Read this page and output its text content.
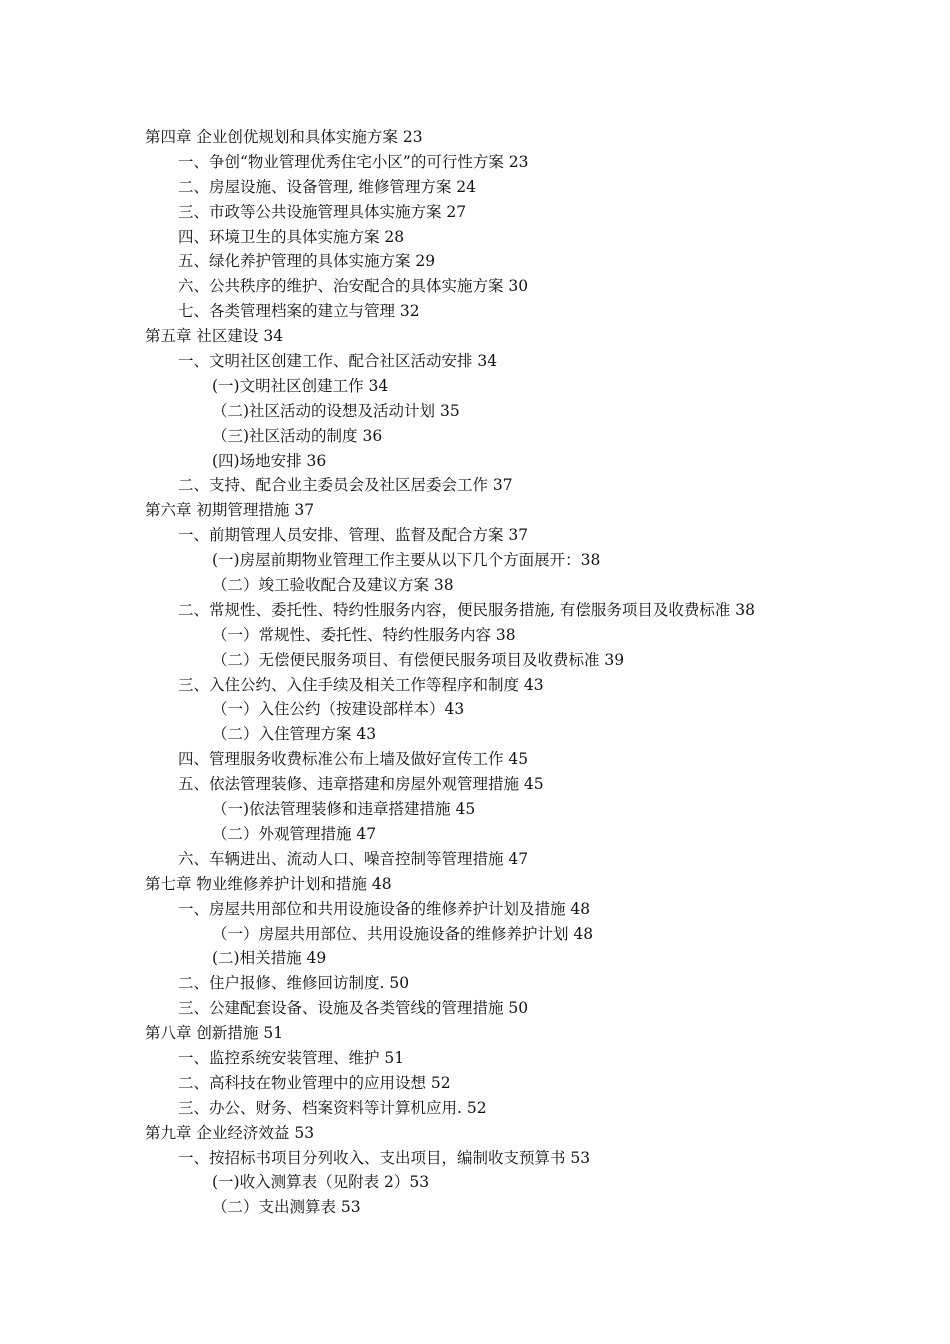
第四章 企业创优规划和具体实施方案 23
一、争创“物业管理优秀住宅小区”的可行性方案 23
二、房屋设施、设备管理, 维修管理方案 24
三、市政等公共设施管理具体实施方案 27
四、环境卫生的具体实施方案 28
五、绿化养护管理的具体实施方案 29
六、公共秩序的维护、治安配合的具体实施方案 30
七、各类管理档案的建立与管理 32
第五章 社区建设 34
一、文明社区创建工作、配合社区活动安排 34
(一)文明社区创建工作 34
（二)社区活动的设想及活动计划 35
（三)社区活动的制度 36
(四)场地安排 36
二、支持、配合业主委员会及社区居委会工作 37
第六章 初期管理措施 37
一、前期管理人员安排、管理、监督及配合方案 37
(一)房屋前期物业管理工作主要从以下几个方面展开：38
（二）竣工验收配合及建议方案 38
二、常规性、委托性、特约性服务内容，便民服务措施, 有偿服务项目及收费标准 38
（一）常规性、委托性、特约性服务内容 38
（二）无偿便民服务项目、有偿便民服务项目及收费标准 39
三、入住公约、入住手续及相关工作等程序和制度 43
（一）入住公约（按建设部样本）43
（二）入住管理方案 43
四、管理服务收费标准公布上墙及做好宣传工作 45
五、依法管理装修、违章搭建和房屋外观管理措施 45
（一)依法管理装修和违章搭建措施 45
（二）外观管理措施 47
六、车辆进出、流动人口、噪音控制等管理措施 47
第七章 物业维修养护计划和措施 48
一、房屋共用部位和共用设施设备的维修养护计划及措施 48
（一）房屋共用部位、共用设施设备的维修养护计划 48
(二)相关措施 49
二、住户报修、维修回访制度. 50
三、公建配套设备、设施及各类管线的管理措施 50
第八章 创新措施 51
一、监控系统安装管理、维护 51
二、高科技在物业管理中的应用设想 52
三、办公、财务、档案资料等计算机应用. 52
第九章 企业经济效益 53
一、按招标书项目分列收入、支出项目，编制收支预算书 53
(一)收入测算表（见附表 2）53
（二）支出测算表 53
